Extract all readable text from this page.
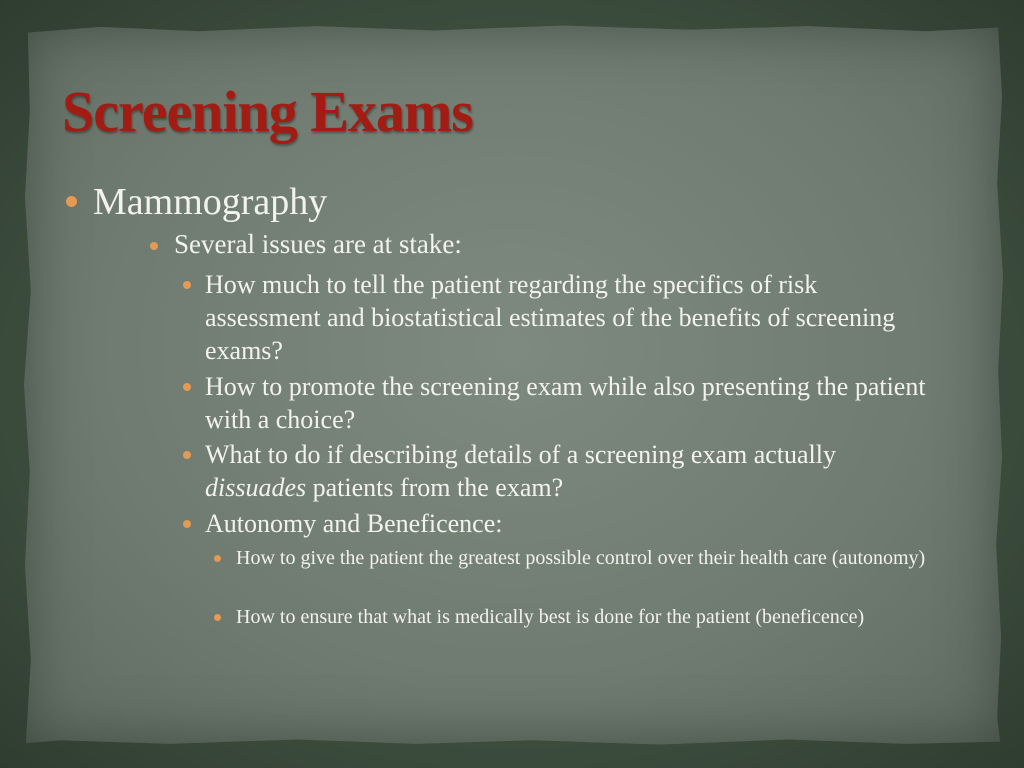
Screening Exams
Mammography
Several issues are at stake:
How much to tell the patient regarding the specifics of risk assessment and biostatistical estimates of the benefits of screening exams?
How to promote the screening exam while also presenting the patient with a choice?
What to do if describing details of a screening exam actually dissuades patients from the exam?
Autonomy and Beneficence:
How to give the patient the greatest possible control over their health care (autonomy)
How to ensure that what is medically best is done for the patient (beneficence)
